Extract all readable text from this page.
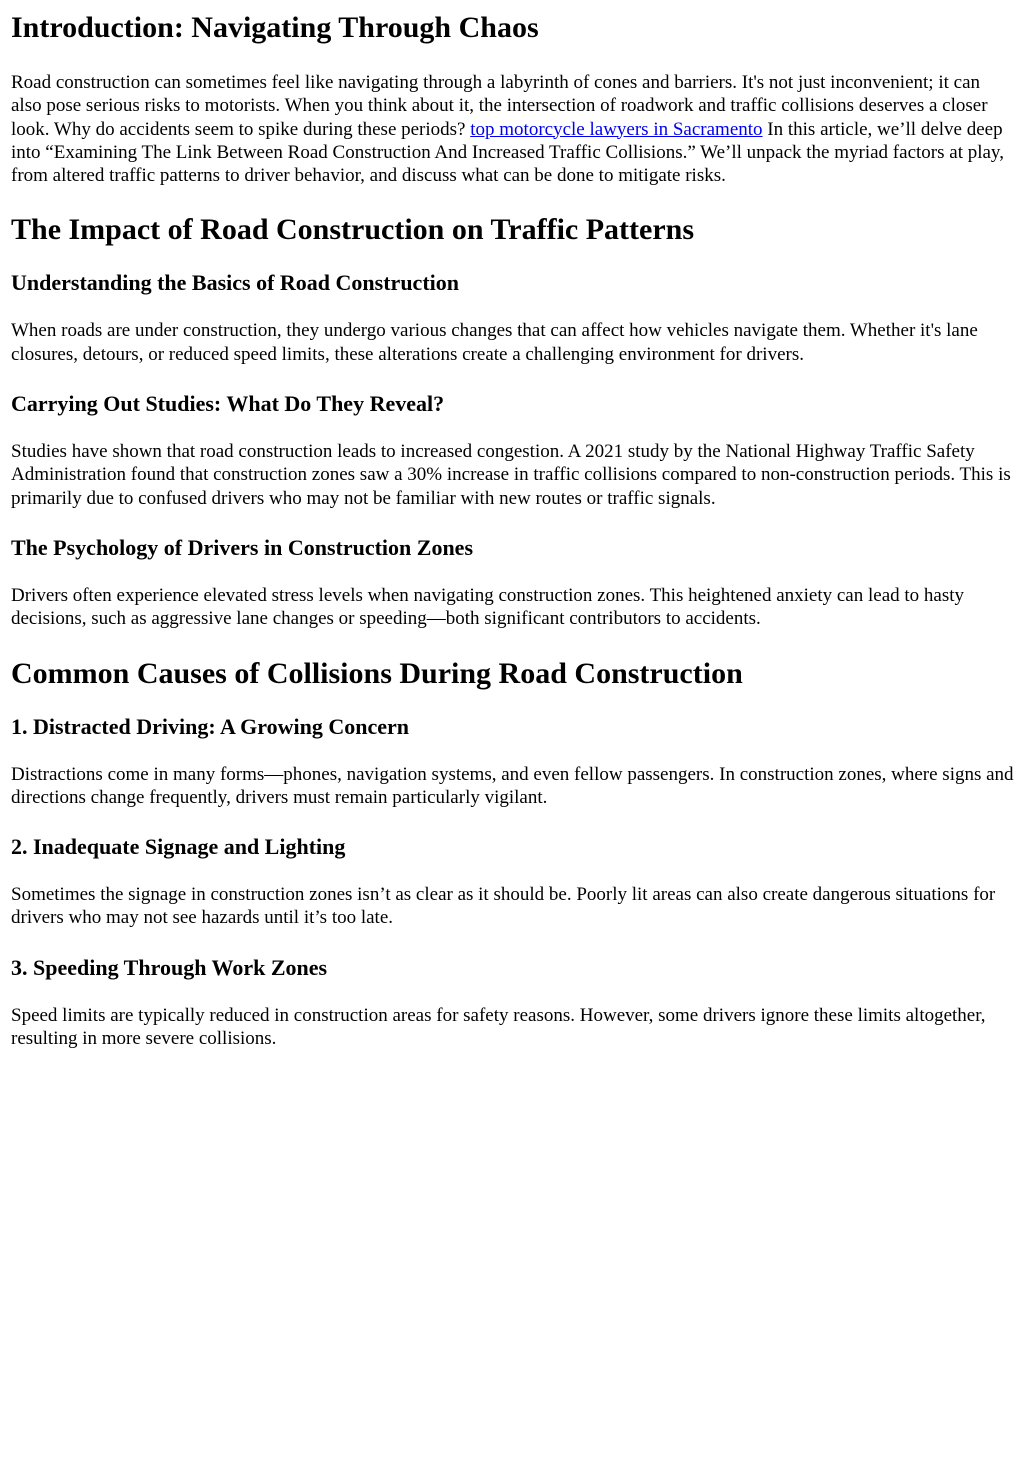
Introduction: Navigating Through Chaos

Road construction can sometimes feel like navigating through a labyrinth of cones and barriers. It's not just inconvenient; it can also pose serious risks to motorists. When you think about it, the intersection of roadwork and traffic collisions deserves a closer look. Why do accidents seem to spike during these periods? top motorcycle lawyers in Sacramento In this article, we’ll delve deep into “Examining The Link Between Road Construction And Increased Traffic Collisions.” We’ll unpack the myriad factors at play, from altered traffic patterns to driver behavior, and discuss what can be done to mitigate risks.

The Impact of Road Construction on Traffic Patterns
Understanding the Basics of Road Construction

When roads are under construction, they undergo various changes that can affect how vehicles navigate them. Whether it's lane closures, detours, or reduced speed limits, these alterations create a challenging environment for drivers.

Carrying Out Studies: What Do They Reveal?

Studies have shown that road construction leads to increased congestion. A 2021 study by the National Highway Traffic Safety Administration found that construction zones saw a 30% increase in traffic collisions compared to non-construction periods. This is primarily due to confused drivers who may not be familiar with new routes or traffic signals.

The Psychology of Drivers in Construction Zones

Drivers often experience elevated stress levels when navigating construction zones. This heightened anxiety can lead to hasty decisions, such as aggressive lane changes or speeding—both significant contributors to accidents.

Common Causes of Collisions During Road Construction
1. Distracted Driving: A Growing Concern

Distractions come in many forms—phones, navigation systems, and even fellow passengers. In construction zones, where signs and directions change frequently, drivers must remain particularly vigilant.

2. Inadequate Signage and Lighting

Sometimes the signage in construction zones isn’t as clear as it should be. Poorly lit areas can also create dangerous situations for drivers who may not see hazards until it’s too late.

3. Speeding Through Work Zones

Speed limits are typically reduced in construction areas for safety reasons. However, some drivers ignore these limits altogether, resulting in more severe collisions.
